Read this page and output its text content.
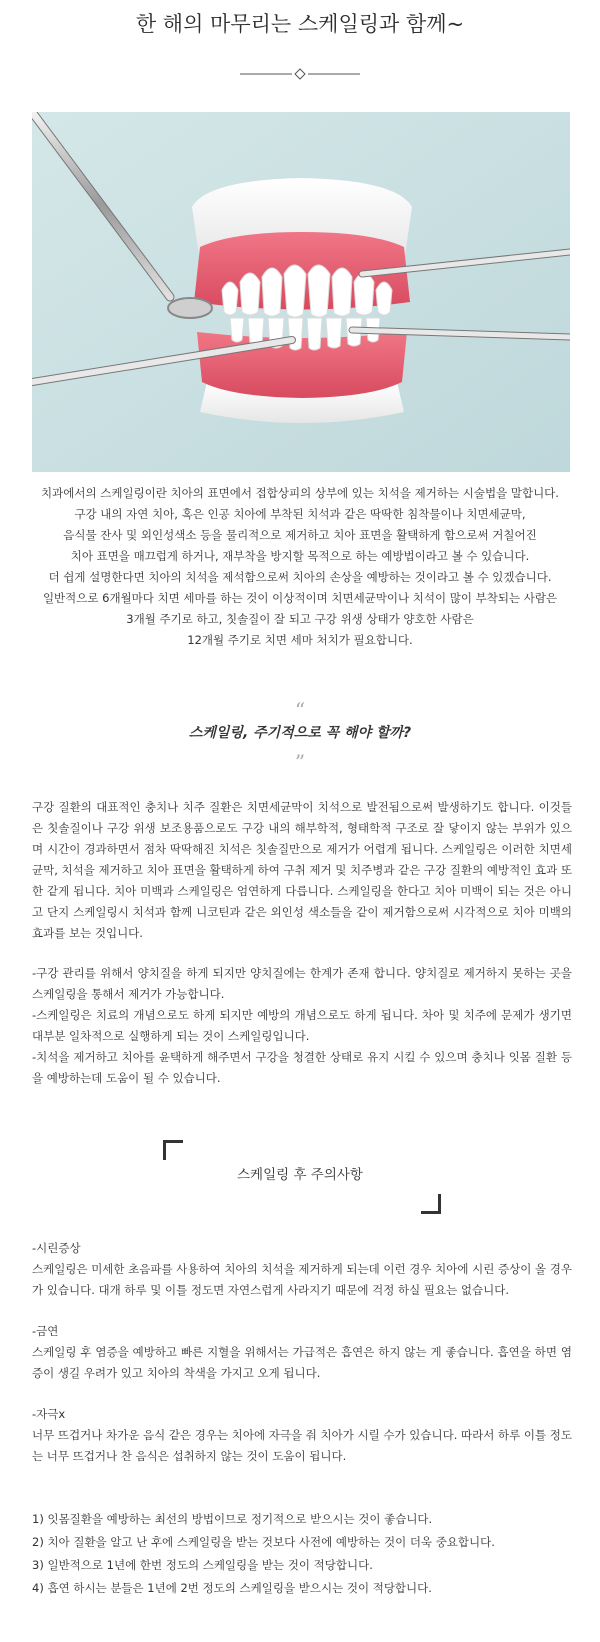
한 해의 마무리는 스케일링과 함께~

치과에서의 스케일링이란 치아의 표면에서 접합상피의 상부에 있는 치석을 제거하는 시술법을 말합니다.

구강 내의 자연 치아, 혹은 인공 치아에 부착된 치석과 같은 딱딱한 침착물이나 치면세균막,

음식물 잔사 및 외인성색소 등을 물리적으로 제거하고 치아 표면을 활택하게 함으로써 거칠어진

치아 표면을 매끄럽게 하거나, 재부착을 방지할 목적으로 하는 예방법이라고 볼 수 있습니다.

더 쉽게 설명한다면 치아의 치석을 제석함으로써 치아의 손상을 예방하는 것이라고 볼 수 있겠습니다.

일반적으로 6개월마다 치면 세마를 하는 것이 이상적이며 치면세균막이나 치석이 많이 부착되는 사람은

3개월 주기로 하고, 칫솔질이 잘 되고 구강 위생 상태가 양호한 사람은

12개월 주기로 치면 세마 처치가 필요합니다.

“
스케일링, 주기적으로 꼭 해야 할까?
”

구강 질환의 대표적인 충치나 치주 질환은 치면세균막이 치석으로 발전됨으로써 발생하기도 합니다. 이것들은 칫솔질이나 구강 위생 보조용품으로도 구강 내의 해부학적, 형태학적 구조로 잘 닿이지 않는 부위가 있으며 시간이 경과하면서 점차 딱딱해진 치석은 칫솔질만으로 제거가 어렵게 됩니다. 스케일링은 이러한 치면세균막, 치석을 제거하고 치아 표면을 활택하게 하여 구취 제거 및 치주병과 같은 구강 질환의 예방적인 효과 또한 같게 됩니다. 치아 미백과 스케일링은 엄연하게 다릅니다. 스케일링을 한다고 치아 미백이 되는 것은 아니고 단지 스케일링시 치석과 함께 니코틴과 같은 외인성 색소들을 같이 제거함으로써 시각적으로 치아 미백의 효과를 보는 것입니다.

-구강 관리를 위해서 양치질을 하게 되지만 양치질에는 한계가 존재 합니다. 양치질로 제거하지 못하는 곳을 스케일링을 통해서 제거가 가능합니다.

-스케일링은 치료의 개념으로도 하게 되지만 예방의 개념으로도 하게 됩니다. 차아 및 치주에 문제가 생기면 대부분 일차적으로 실행하게 되는 것이 스케일링입니다.

-치석을 제거하고 치아를 윤택하게 해주면서 구강을 청결한 상태로 유지 시킬 수 있으며 충치나 잇몸 질환 등을 예방하는데 도움이 될 수 있습니다.

스케일링 후 주의사항

-시린증상

스케일링은 미세한 초음파를 사용하여 치아의 치석을 제거하게 되는데 이런 경우 치아에 시린 증상이 올 경우가 있습니다. 대개 하루 및 이틀 정도면 자연스럽게 사라지기 때문에 걱정 하실 필요는 없습니다.

-금연

스케일링 후 염증을 예방하고 빠른 지혈을 위해서는 가급적은 흡연은 하지 않는 게 좋습니다. 흡연을 하면 염증이 생길 우려가 있고 치아의 착색을 가지고 오게 됩니다.

-자극x

너무 뜨겁거나 차가운 음식 같은 경우는 치아에 자극을 줘 치아가 시릴 수가 있습니다. 따라서 하루 이틀 정도는 너무 뜨겁거나 찬 음식은 섭취하지 않는 것이 도움이 됩니다.

1) 잇몸질환을 예방하는 최선의 방법이므로 정기적으로 받으시는 것이 좋습니다.

2) 치아 질환을 알고 난 후에 스케일링을 받는 것보다 사전에 예방하는 것이 더욱 중요합니다.

3) 일반적으로 1년에 한번 정도의 스케일링을 받는 것이 적당합니다.

4) 흡연 하시는 분들은 1년에 2번 정도의 스케일링을 받으시는 것이 적당합니다.
